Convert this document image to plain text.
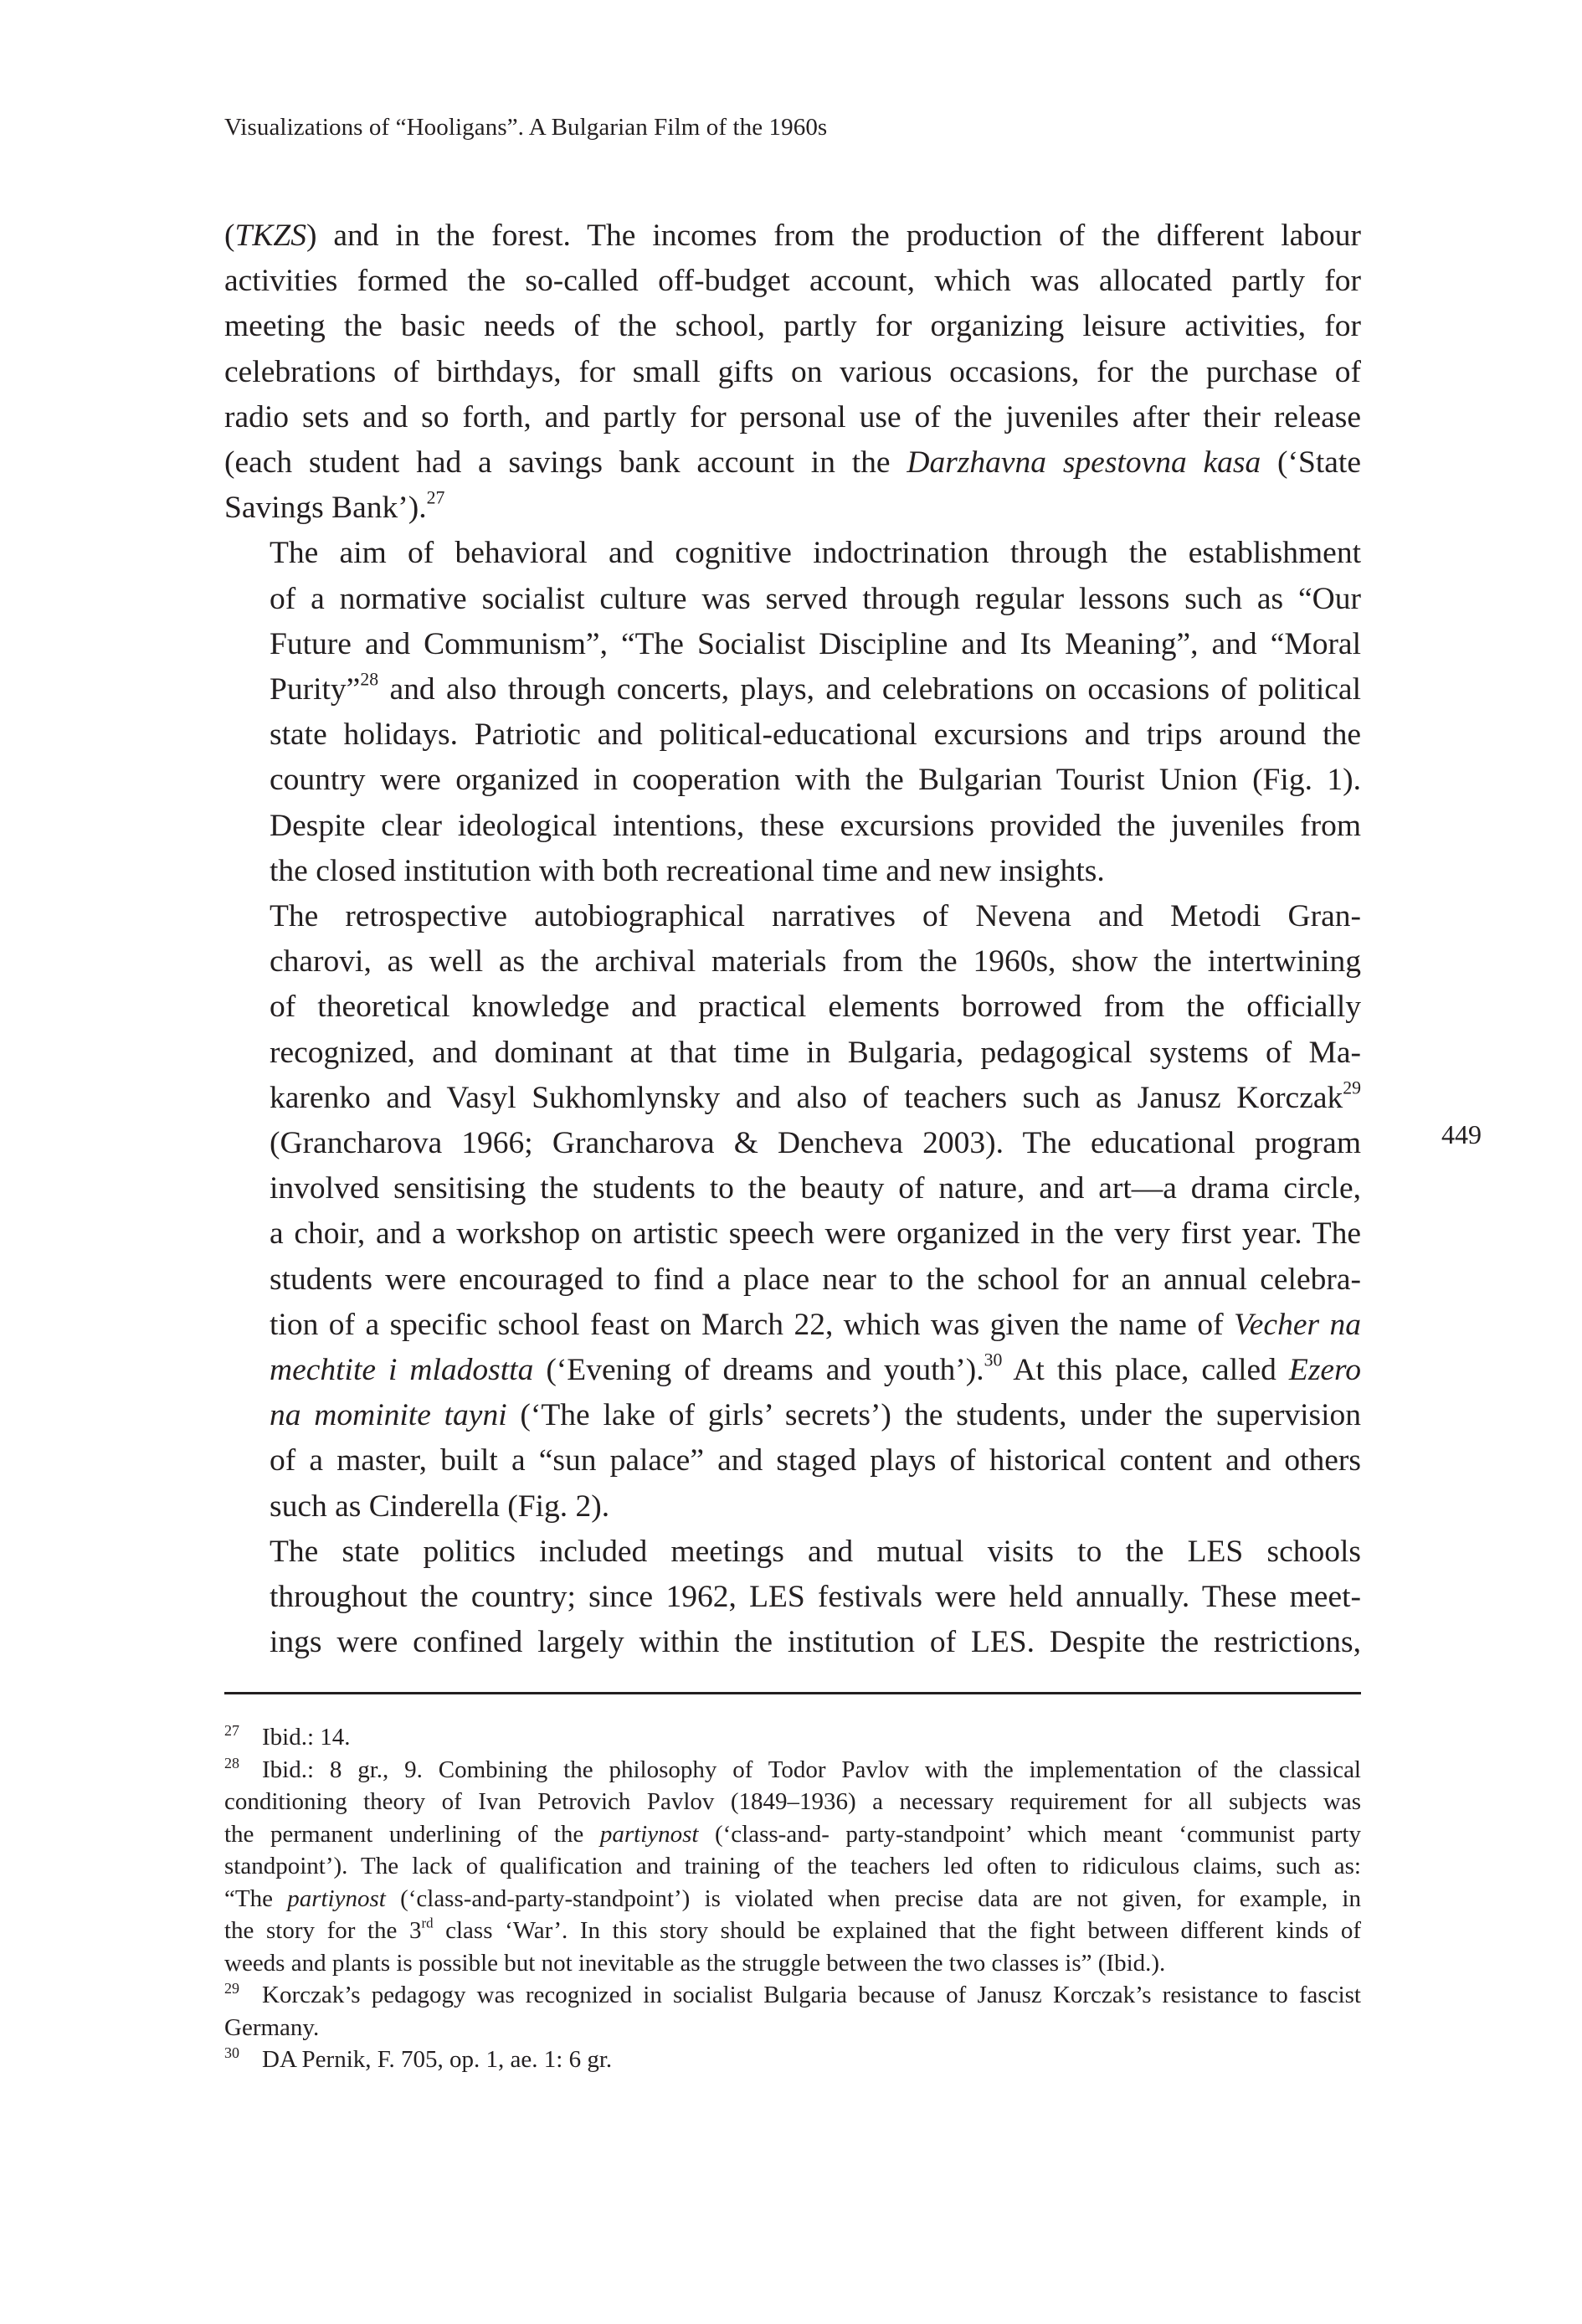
Visualizations of “Hooligans”. A Bulgarian Film of the 1960s

(TKZS) and in the forest. The incomes from the production of the different labour
activities formed the so-called off-budget account, which was allocated partly for
meeting the basic needs of the school, partly for organizing leisure activities, for
celebrations of birthdays, for small gifts on various occasions, for the purchase of
radio sets and so forth, and partly for personal use of the juveniles after their release
(each student had a savings bank account in the Darzhavna spestovna kasa (‘State
Savings Bank’).$^{27}$

The aim of behavioral and cognitive indoctrination through the establishment
of a normative socialist culture was served through regular lessons such as “Our
Future and Communism”, “The Socialist Discipline and Its Meaning”, and “Moral
Purity”$^{28}$ and also through concerts, plays, and celebrations on occasions of political
state holidays. Patriotic and political-educational excursions and trips around the
country were organized in cooperation with the Bulgarian Tourist Union (Fig. 1).
Despite clear ideological intentions, these excursions provided the juveniles from
the closed institution with both recreational time and new insights.

The retrospective autobiographical narratives of Nevena and Metodi Gran-
charovi, as well as the archival materials from the 1960s, show the intertwining
of theoretical knowledge and practical elements borrowed from the officially
recognized, and dominant at that time in Bulgaria, pedagogical systems of Ma-
karenko and Vasyl Sukhomlynsky and also of teachers such as Janusz Korczak$^{29}$
(Grancharova 1966; Grancharova & Dencheva 2003). The educational program
involved sensitising the students to the beauty of nature, and art—a drama circle,
a choir, and a workshop on artistic speech were organized in the very first year. The
students were encouraged to find a place near to the school for an annual celebra-
tion of a specific school feast on March 22, which was given the name of Vecher na
mechtite i mladostta (‘Evening of dreams and youth’).$^{30}$ At this place, called Ezero
na mominite tayni (‘The lake of girls’ secrets’) the students, under the supervision
of a master, built a “sun palace” and staged plays of historical content and others
such as Cinderella (Fig. 2).

The state politics included meetings and mutual visits to the LES schools
throughout the country; since 1962, LES festivals were held annually. These meet-
ings were confined largely within the institution of LES. Despite the restrictions,

27 Ibid.: 14.

28 Ibid.: 8 gr., 9. Combining the philosophy of Todor Pavlov with the implementation of the classical
conditioning theory of Ivan Petrovich Pavlov (1849–1936) a necessary requirement for all subjects was
the permanent underlining of the partiynost (‘class-and- party-standpoint’ which meant ‘communist party
standpoint’). The lack of qualification and training of the teachers led often to ridiculous claims, such as:
“The partiynost (‘class-and-party-standpoint’) is violated when precise data are not given, for example, in
the story for the 3rd class ‘War’. In this story should be explained that the fight between different kinds of
weeds and plants is possible but not inevitable as the struggle between the two classes is” (Ibid.).

29 Korczak’s pedagogy was recognized in socialist Bulgaria because of Janusz Korczak’s resistance to fascist
Germany.

30 DA Pernik, F. 705, op. 1, ae. 1: 6 gr.

449
